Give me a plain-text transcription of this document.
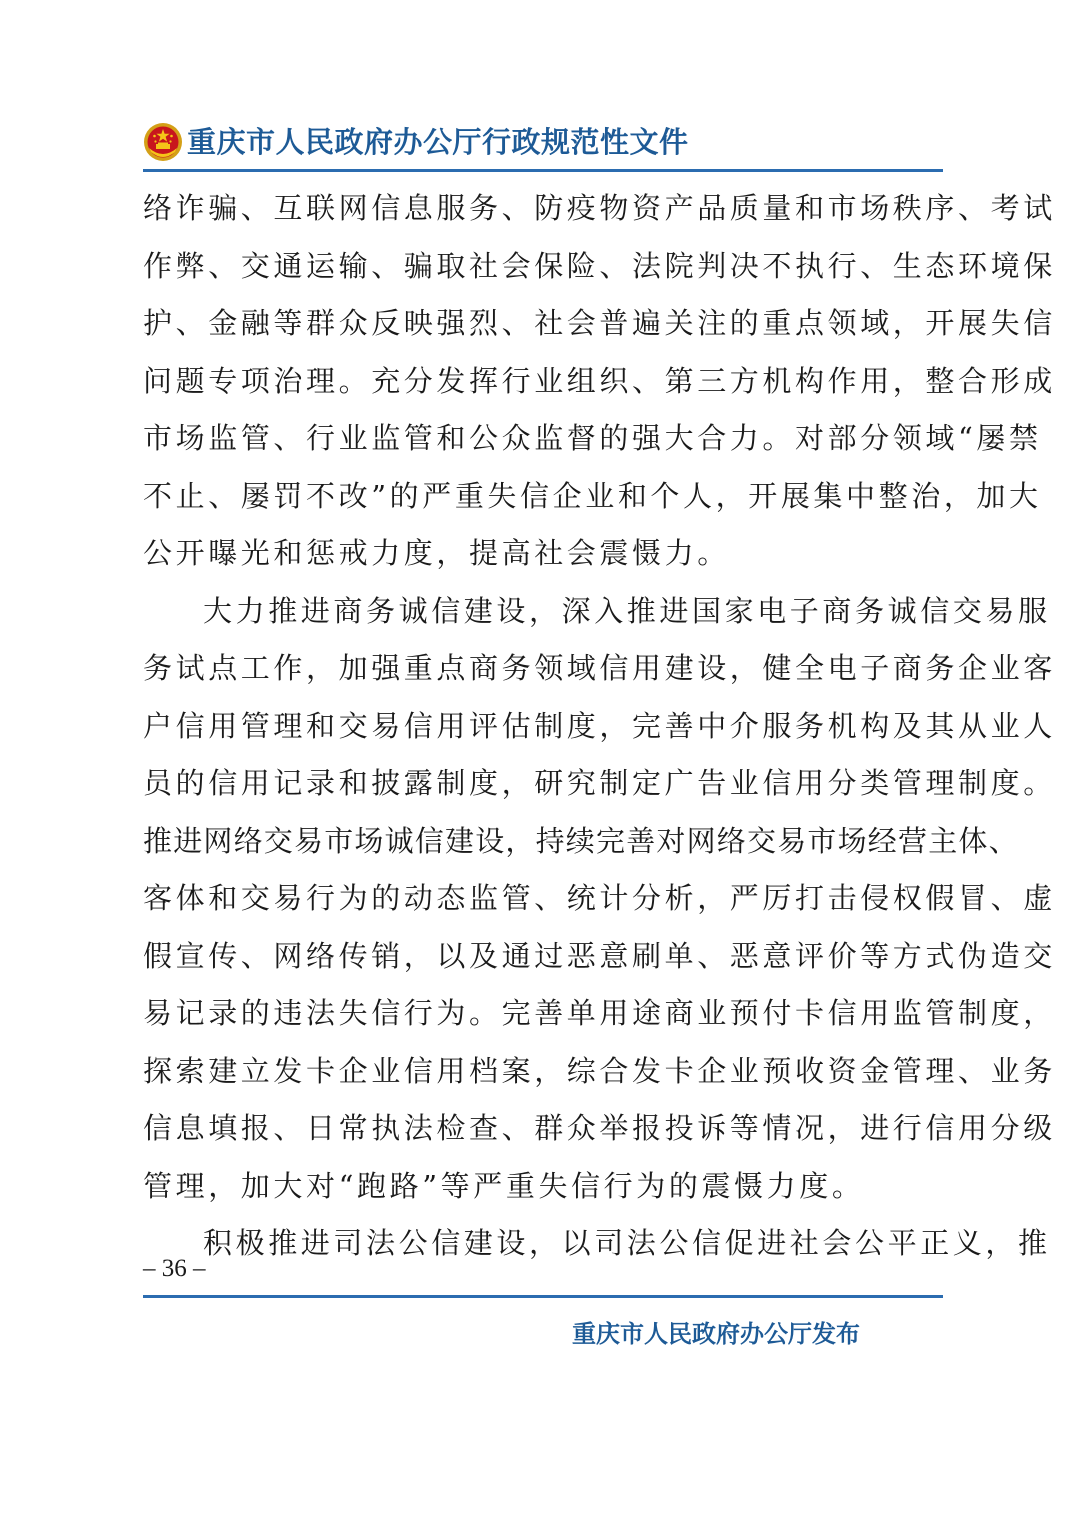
重庆市人民政府办公厅行政规范性文件
络诈骗、互联网信息服务、防疫物资产品质量和市场秩序、考试
作弊、交通运输、骗取社会保险、法院判决不执行、生态环境保
护、金融等群众反映强烈、社会普遍关注的重点领域，开展失信
问题专项治理。充分发挥行业组织、第三方机构作用，整合形成
市场监管、行业监管和公众监督的强大合力。对部分领域“屡禁
不止、屡罚不改”的严重失信企业和个人，开展集中整治，加大
公开曝光和惩戒力度，提高社会震慑力。
大力推进商务诚信建设，深入推进国家电子商务诚信交易服
务试点工作，加强重点商务领域信用建设，健全电子商务企业客
户信用管理和交易信用评估制度，完善中介服务机构及其从业人
员的信用记录和披露制度，研究制定广告业信用分类管理制度。
推进网络交易市场诚信建设，持续完善对网络交易市场经营主体、
客体和交易行为的动态监管、统计分析，严厉打击侵权假冒、虚
假宣传、网络传销，以及通过恶意刷单、恶意评价等方式伪造交
易记录的违法失信行为。完善单用途商业预付卡信用监管制度，
探索建立发卡企业信用档案，综合发卡企业预收资金管理、业务
信息填报、日常执法检查、群众举报投诉等情况，进行信用分级
管理，加大对“跑路”等严重失信行为的震慑力度。
积极推进司法公信建设，以司法公信促进社会公平正义，推
– 36 –
重庆市人民政府办公厅发布
